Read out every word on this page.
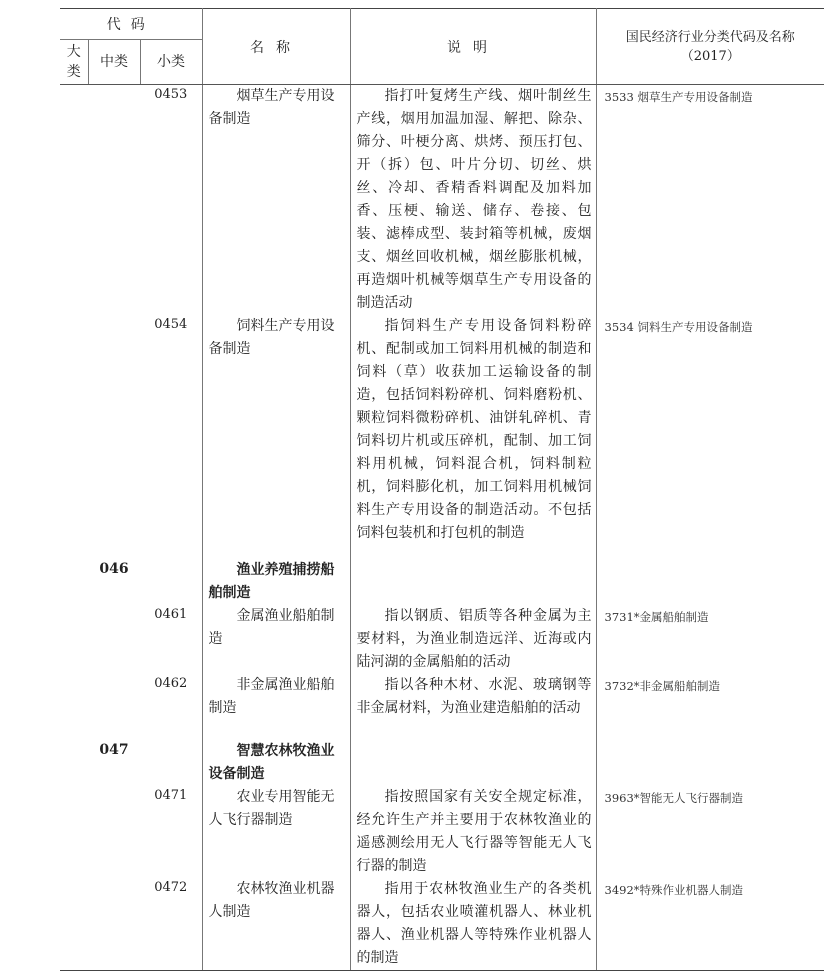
代码			名称	说明	国民经济行业分类代码及名称（2017）
大类	中类	小类			
		0453	烟草生产专用设备制造	指打叶复烤生产线、烟叶制丝生产线，烟用加温加湿、解把、除杂、筛分、叶梗分离、烘烤、预压打包、开（拆）包、叶片分切、切丝、烘丝、冷却、香精香料调配及加料加香、压梗、输送、储存、卷接、包装、滤棒成型、装封箱等机械，废烟支、烟丝回收机械，烟丝膨胀机械，再造烟叶机械等烟草生产专用设备的制造活动	3533 烟草生产专用设备制造
		0454	饲料生产专用设备制造	指饲料生产专用设备饲料粉碎机、配制或加工饲料用机械的制造和饲料（草）收获加工运输设备的制造，包括饲料粉碎机、饲料磨粉机、颗粒饲料微粉碎机、油饼轧碎机、青饲料切片机或压碎机，配制、加工饲料用机械，饲料混合机，饲料制粒机，饲料膨化机，加工饲料用机械饲料生产专用设备的制造活动。不包括饲料包装机和打包机的制造	3534 饲料生产专用设备制造
	046		渔业养殖捕捞船舶制造		
		0461	金属渔业船舶制造	指以钢质、铝质等各种金属为主要材料，为渔业制造远洋、近海或内陆河湖的金属船舶的活动	3731*金属船舶制造
		0462	非金属渔业船舶制造	指以各种木材、水泥、玻璃钢等非金属材料，为渔业建造船舶的活动	3732*非金属船舶制造
	047		智慧农林牧渔业设备制造		
		0471	农业专用智能无人飞行器制造	指按照国家有关安全规定标准，经允许生产并主要用于农林牧渔业的遥感测绘用无人飞行器等智能无人飞行器的制造	3963*智能无人飞行器制造
		0472	农林牧渔业机器人制造	指用于农林牧渔业生产的各类机器人，包括农业喷灌机器人、林业机器人、渔业机器人等特殊作业机器人的制造	3492*特殊作业机器人制造
